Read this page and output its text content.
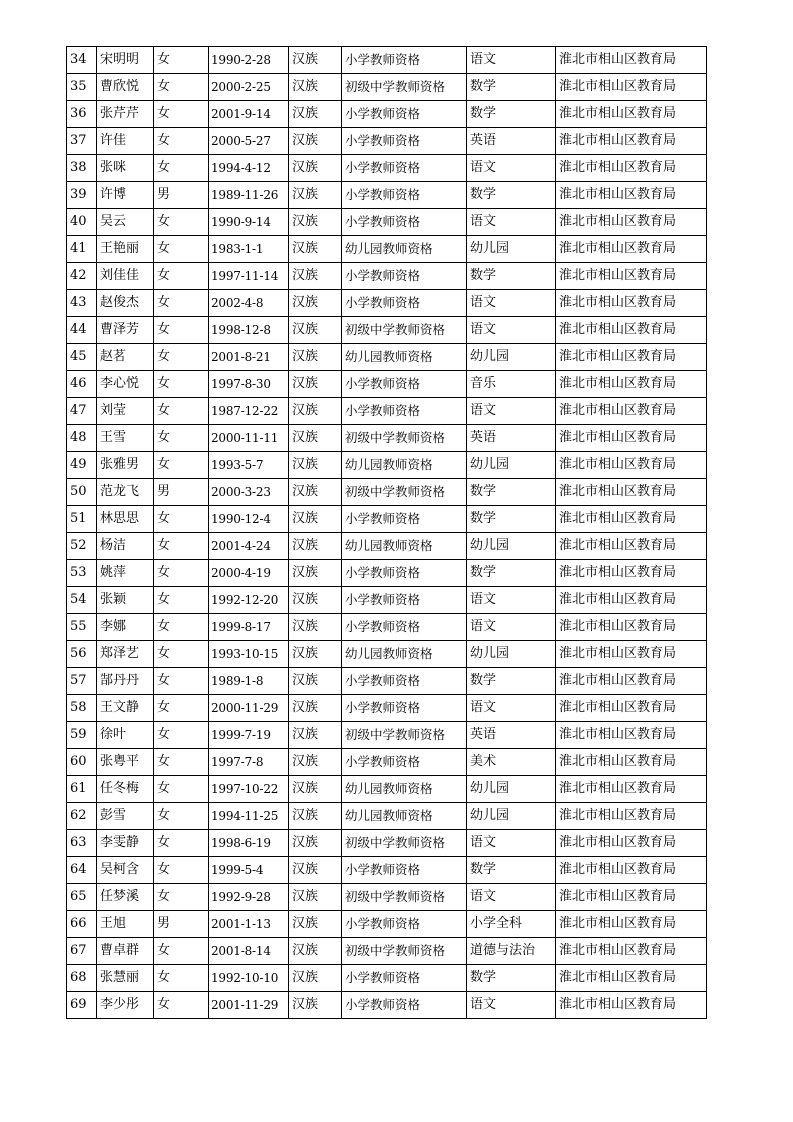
34	宋明明	女	1990-2-28	汉族	小学教师资格	语文	淮北市相山区教育局
35	曹欣悦	女	2000-2-25	汉族	初级中学教师资格	数学	淮北市相山区教育局
36	张芹芹	女	2001-9-14	汉族	小学教师资格	数学	淮北市相山区教育局
37	许佳	女	2000-5-27	汉族	小学教师资格	英语	淮北市相山区教育局
38	张咪	女	1994-4-12	汉族	小学教师资格	语文	淮北市相山区教育局
39	许博	男	1989-11-26	汉族	小学教师资格	数学	淮北市相山区教育局
40	吴云	女	1990-9-14	汉族	小学教师资格	语文	淮北市相山区教育局
41	王艳丽	女	1983-1-1	汉族	幼儿园教师资格	幼儿园	淮北市相山区教育局
42	刘佳佳	女	1997-11-14	汉族	小学教师资格	数学	淮北市相山区教育局
43	赵俊杰	女	2002-4-8	汉族	小学教师资格	语文	淮北市相山区教育局
44	曹泽芳	女	1998-12-8	汉族	初级中学教师资格	语文	淮北市相山区教育局
45	赵茗	女	2001-8-21	汉族	幼儿园教师资格	幼儿园	淮北市相山区教育局
46	李心悦	女	1997-8-30	汉族	小学教师资格	音乐	淮北市相山区教育局
47	刘莹	女	1987-12-22	汉族	小学教师资格	语文	淮北市相山区教育局
48	王雪	女	2000-11-11	汉族	初级中学教师资格	英语	淮北市相山区教育局
49	张雅男	女	1993-5-7	汉族	幼儿园教师资格	幼儿园	淮北市相山区教育局
50	范龙飞	男	2000-3-23	汉族	初级中学教师资格	数学	淮北市相山区教育局
51	林思思	女	1990-12-4	汉族	小学教师资格	数学	淮北市相山区教育局
52	杨洁	女	2001-4-24	汉族	幼儿园教师资格	幼儿园	淮北市相山区教育局
53	姚萍	女	2000-4-19	汉族	小学教师资格	数学	淮北市相山区教育局
54	张颖	女	1992-12-20	汉族	小学教师资格	语文	淮北市相山区教育局
55	李娜	女	1999-8-17	汉族	小学教师资格	语文	淮北市相山区教育局
56	郑泽艺	女	1993-10-15	汉族	幼儿园教师资格	幼儿园	淮北市相山区教育局
57	郜丹丹	女	1989-1-8	汉族	小学教师资格	数学	淮北市相山区教育局
58	王文静	女	2000-11-29	汉族	小学教师资格	语文	淮北市相山区教育局
59	徐叶	女	1999-7-19	汉族	初级中学教师资格	英语	淮北市相山区教育局
60	张粤平	女	1997-7-8	汉族	小学教师资格	美术	淮北市相山区教育局
61	任冬梅	女	1997-10-22	汉族	幼儿园教师资格	幼儿园	淮北市相山区教育局
62	彭雪	女	1994-11-25	汉族	幼儿园教师资格	幼儿园	淮北市相山区教育局
63	李雯静	女	1998-6-19	汉族	初级中学教师资格	语文	淮北市相山区教育局
64	吴柯含	女	1999-5-4	汉族	小学教师资格	数学	淮北市相山区教育局
65	任梦溪	女	1992-9-28	汉族	初级中学教师资格	语文	淮北市相山区教育局
66	王旭	男	2001-1-13	汉族	小学教师资格	小学全科	淮北市相山区教育局
67	曹卓群	女	2001-8-14	汉族	初级中学教师资格	道德与法治	淮北市相山区教育局
68	张慧丽	女	1992-10-10	汉族	小学教师资格	数学	淮北市相山区教育局
69	李少彤	女	2001-11-29	汉族	小学教师资格	语文	淮北市相山区教育局
